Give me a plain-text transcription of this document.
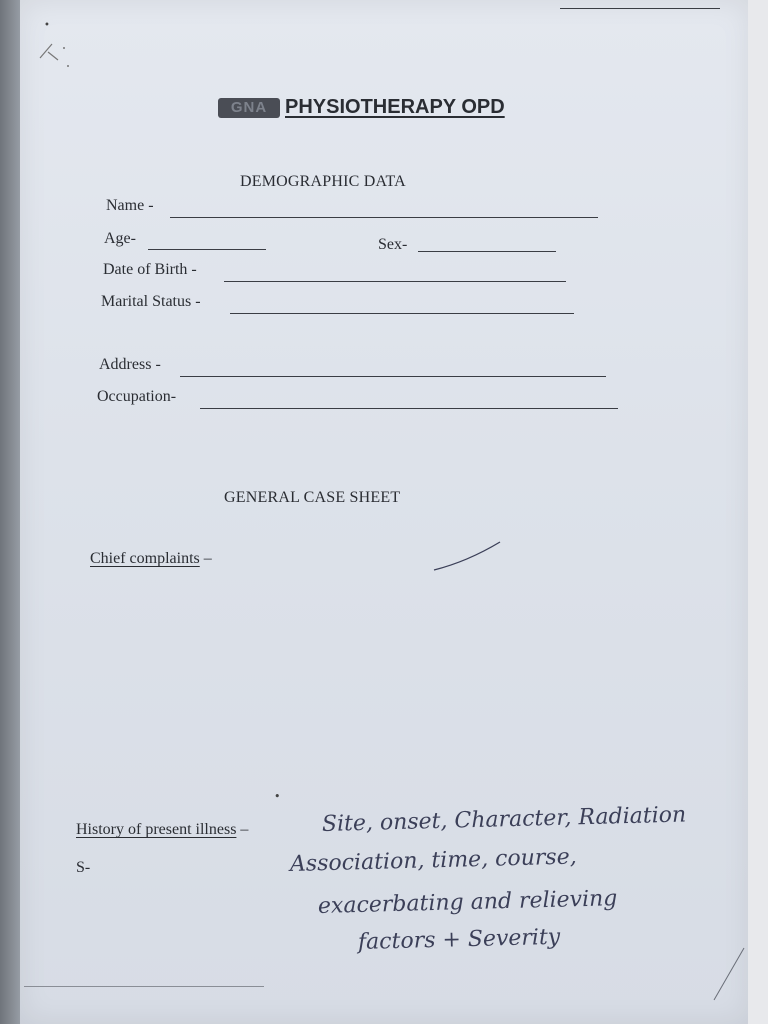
•
GNA PHYSIOTHERAPY OPD
DEMOGRAPHIC DATA
Name -
Age-	Sex-
Date of Birth -
Marital Status -
Address -
Occupation-
GENERAL CASE SHEET
Chief complaints –
•
History of present illness –
S-
Site, onset, Character, Radiation
Association, time, course,
exacerbating and relieving
factors + Severity
